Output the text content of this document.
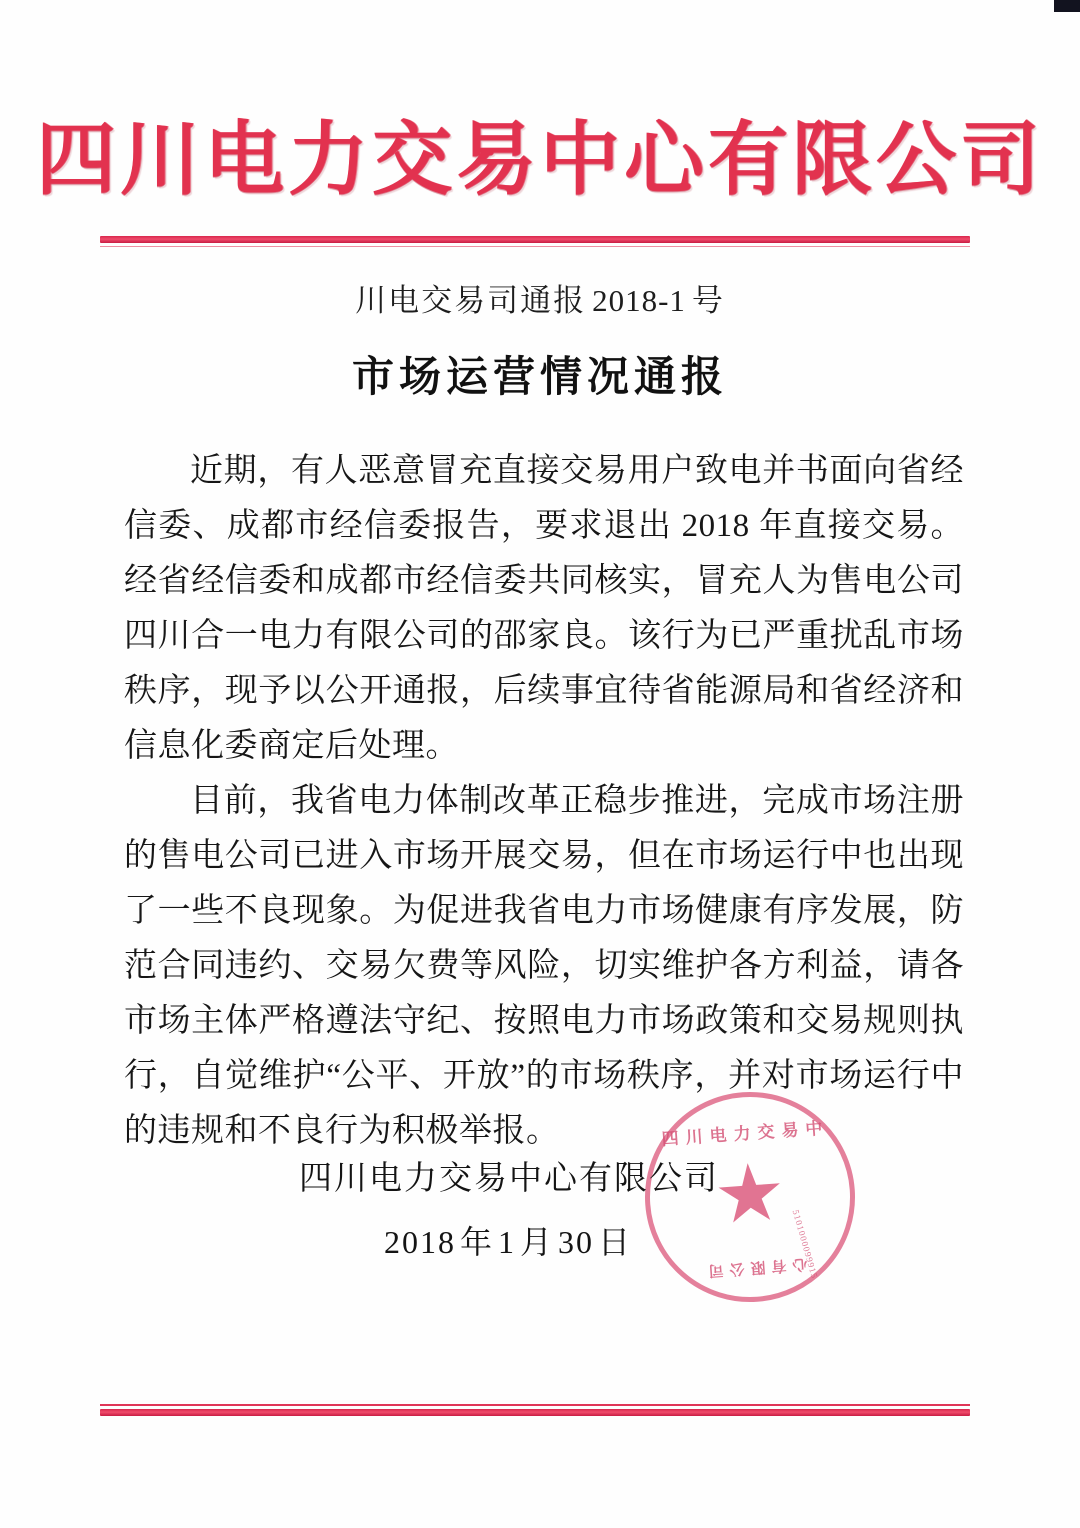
四川电力交易中心有限公司
川电交易司通报 2018-1 号
市场运营情况通报

近期，有人恶意冒充直接交易用户致电并书面向省经信委、成都市经信委报告，要求退出 2018 年直接交易。经省经信委和成都市经信委共同核实，冒充人为售电公司四川合一电力有限公司的邵家良。该行为已严重扰乱市场秩序，现予以公开通报，后续事宜待省能源局和省经济和信息化委商定后处理。

目前，我省电力体制改革正稳步推进，完成市场注册的售电公司已进入市场开展交易，但在市场运行中也出现了一些不良现象。为促进我省电力市场健康有序发展，防范合同违约、交易欠费等风险，切实维护各方利益，请各市场主体严格遵法守纪、按照电力市场政策和交易规则执行，自觉维护“公平、开放”的市场秩序，并对市场运行中的违规和不良行为积极举报。	四川电力交易中
心有限公司
5101000099915
四川电力交易中心有限公司
2018 年 1 月 30 日
